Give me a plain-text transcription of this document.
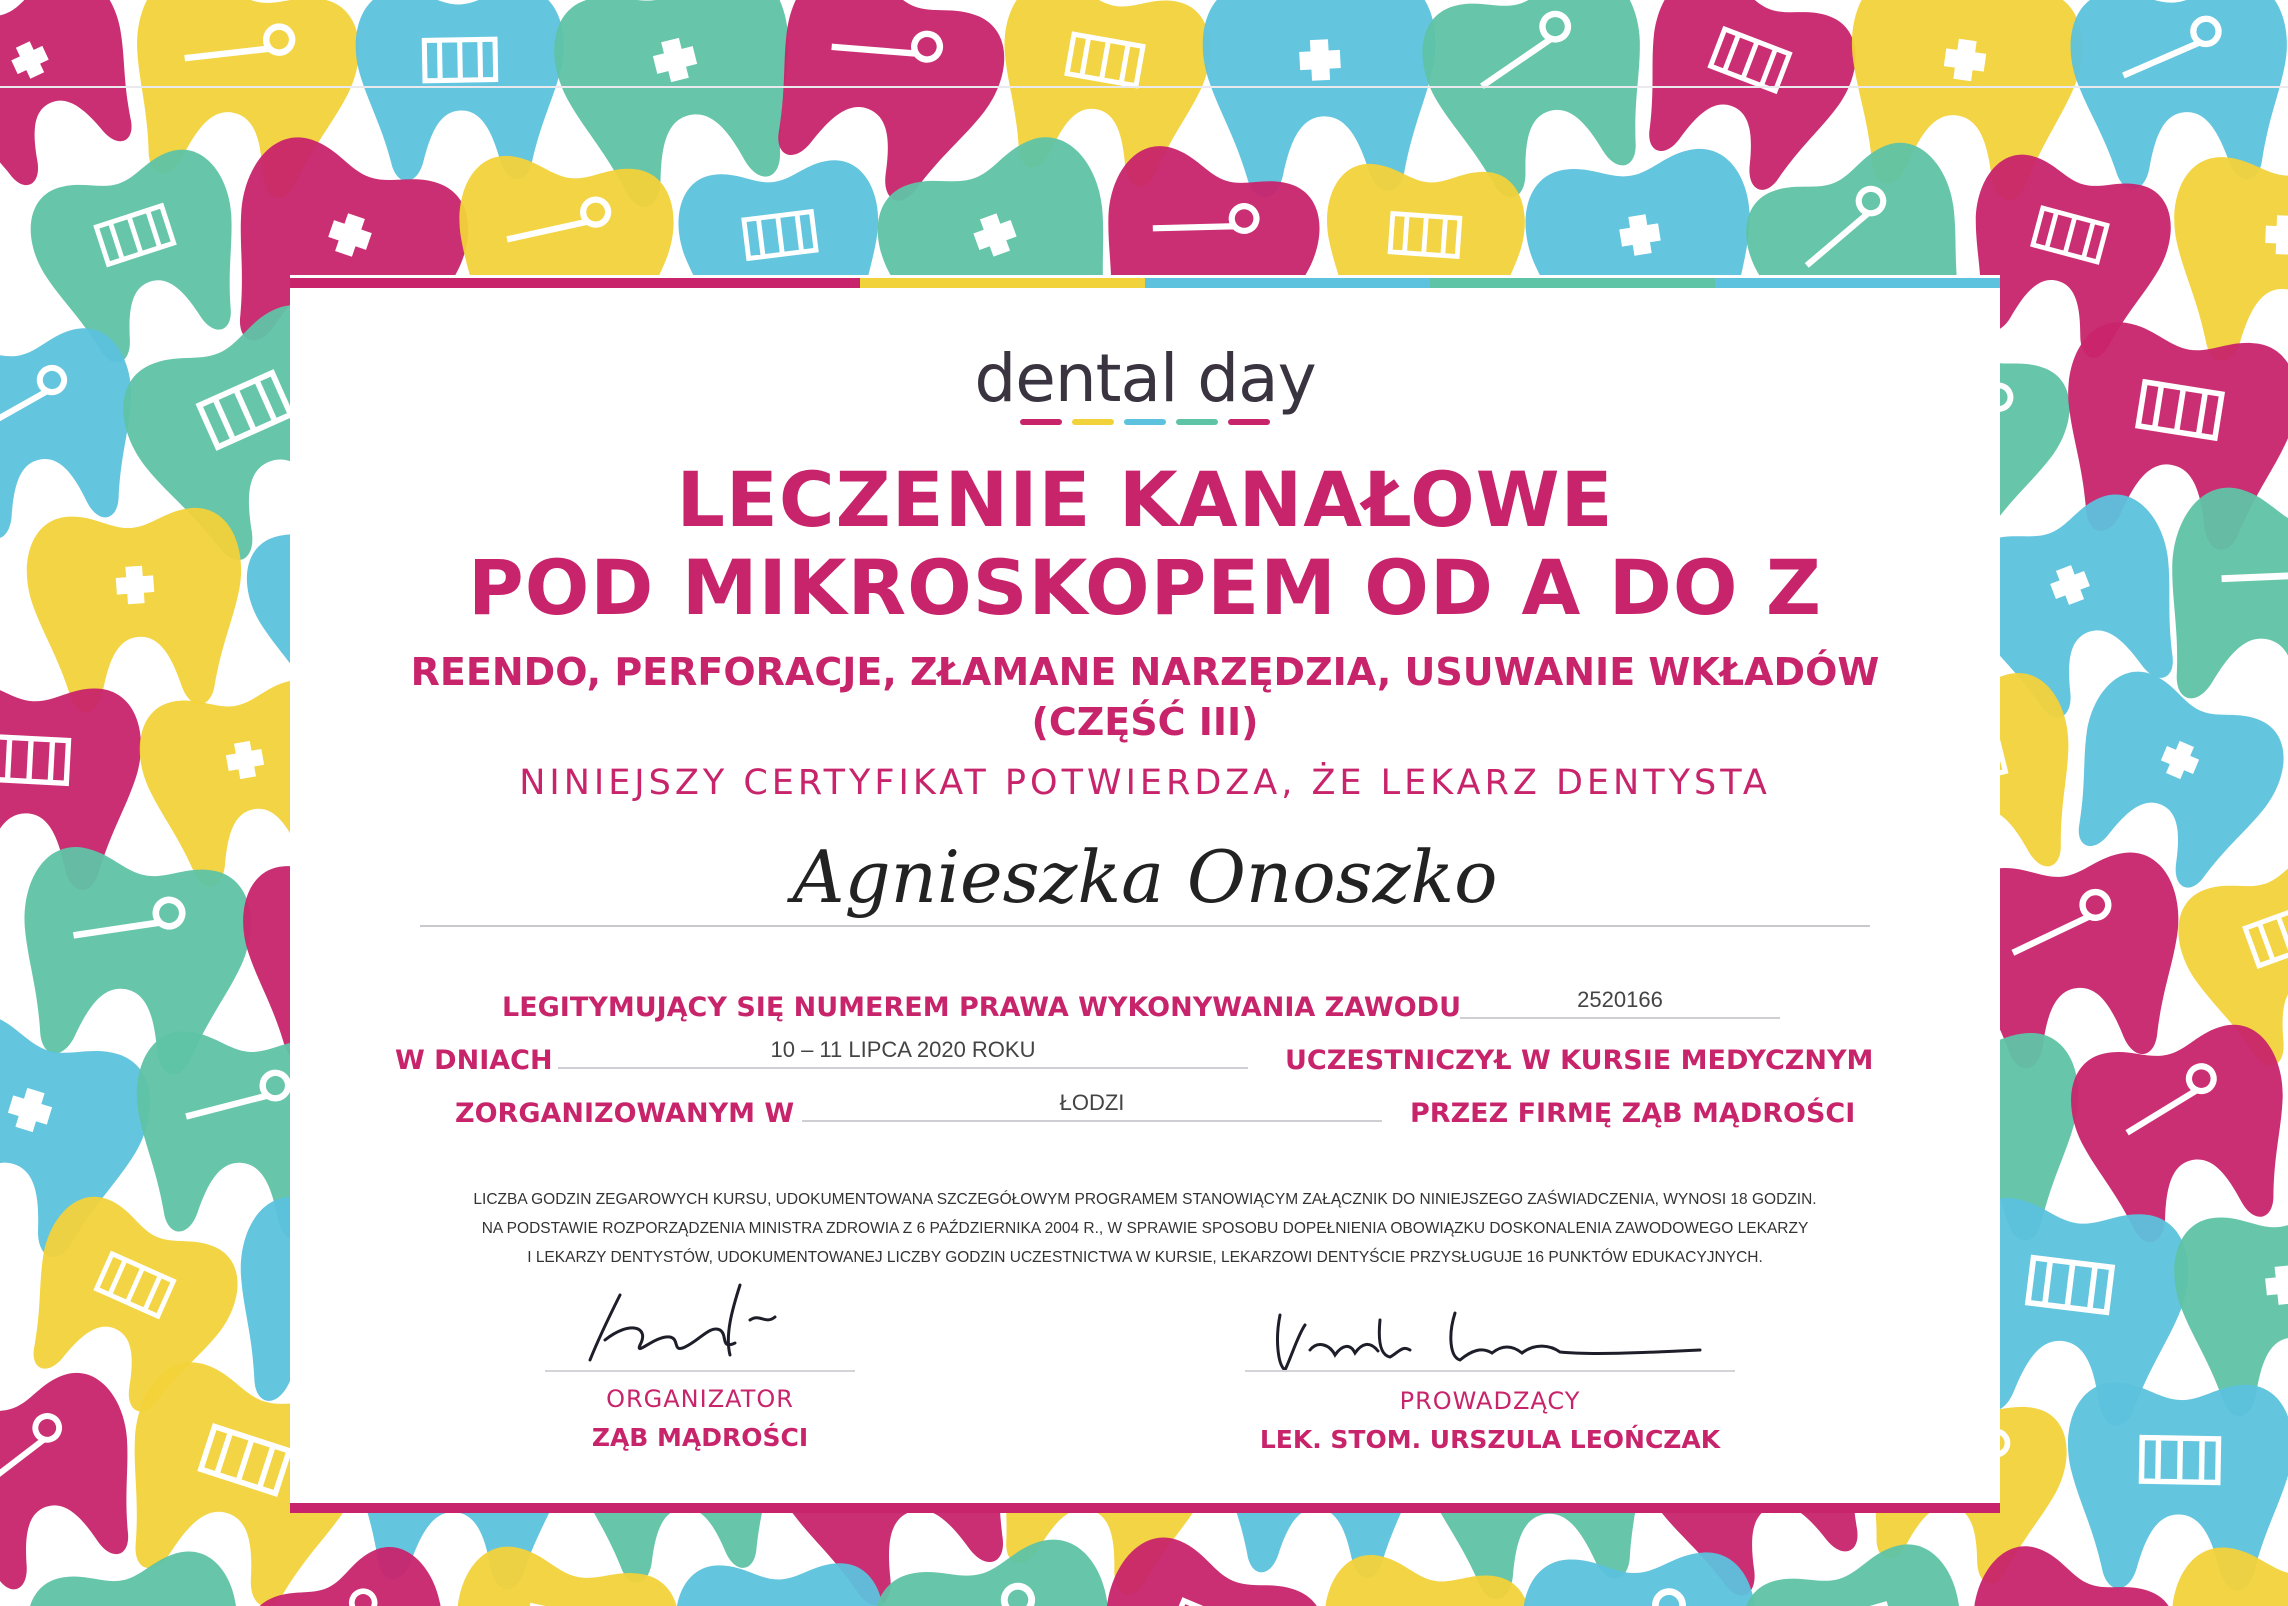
dental day
LECZENIE KANAŁOWE
POD MIKROSKOPEM OD A DO Z
REENDO, PERFORACJE, ZŁAMANE NARZĘDZIA, USUWANIE WKŁADÓW
(CZĘŚĆ III)
NINIEJSZY CERTYFIKAT POTWIERDZA, ŻE LEKARZ DENTYSTA
Agnieszka Onoszko
LEGITYMUJĄCY SIĘ NUMEREM PRAWA WYKONYWANIA ZAWODU	2520166
W DNIACH	10 – 11 LIPCA 2020 ROKU	UCZESTNICZYŁ W KURSIE MEDYCZNYM
ZORGANIZOWANYM W	ŁODZI	PRZEZ FIRMĘ ZĄB MĄDROŚCI
LICZBA GODZIN ZEGAROWYCH KURSU, UDOKUMENTOWANA SZCZEGÓŁOWYM PROGRAMEM STANOWIĄCYM ZAŁĄCZNIK DO NINIEJSZEGO ZAŚWIADCZENIA, WYNOSI 18 GODZIN.
NA PODSTAWIE ROZPORZĄDZENIA MINISTRA ZDROWIA Z 6 PAŹDZIERNIKA 2004 R., W SPRAWIE SPOSOBU DOPEŁNIENIA OBOWIĄZKU DOSKONALENIA ZAWODOWEGO LEKARZY
I LEKARZY DENTYSTÓW, UDOKUMENTOWANEJ LICZBY GODZIN UCZESTNICTWA W KURSIE, LEKARZOWI DENTYŚCIE PRZYSŁUGUJE 16 PUNKTÓW EDUKACYJNYCH.
ORGANIZATOR
ZĄB MĄDROŚCI
PROWADZĄCY
LEK. STOM. URSZULA LEOŃCZAK
